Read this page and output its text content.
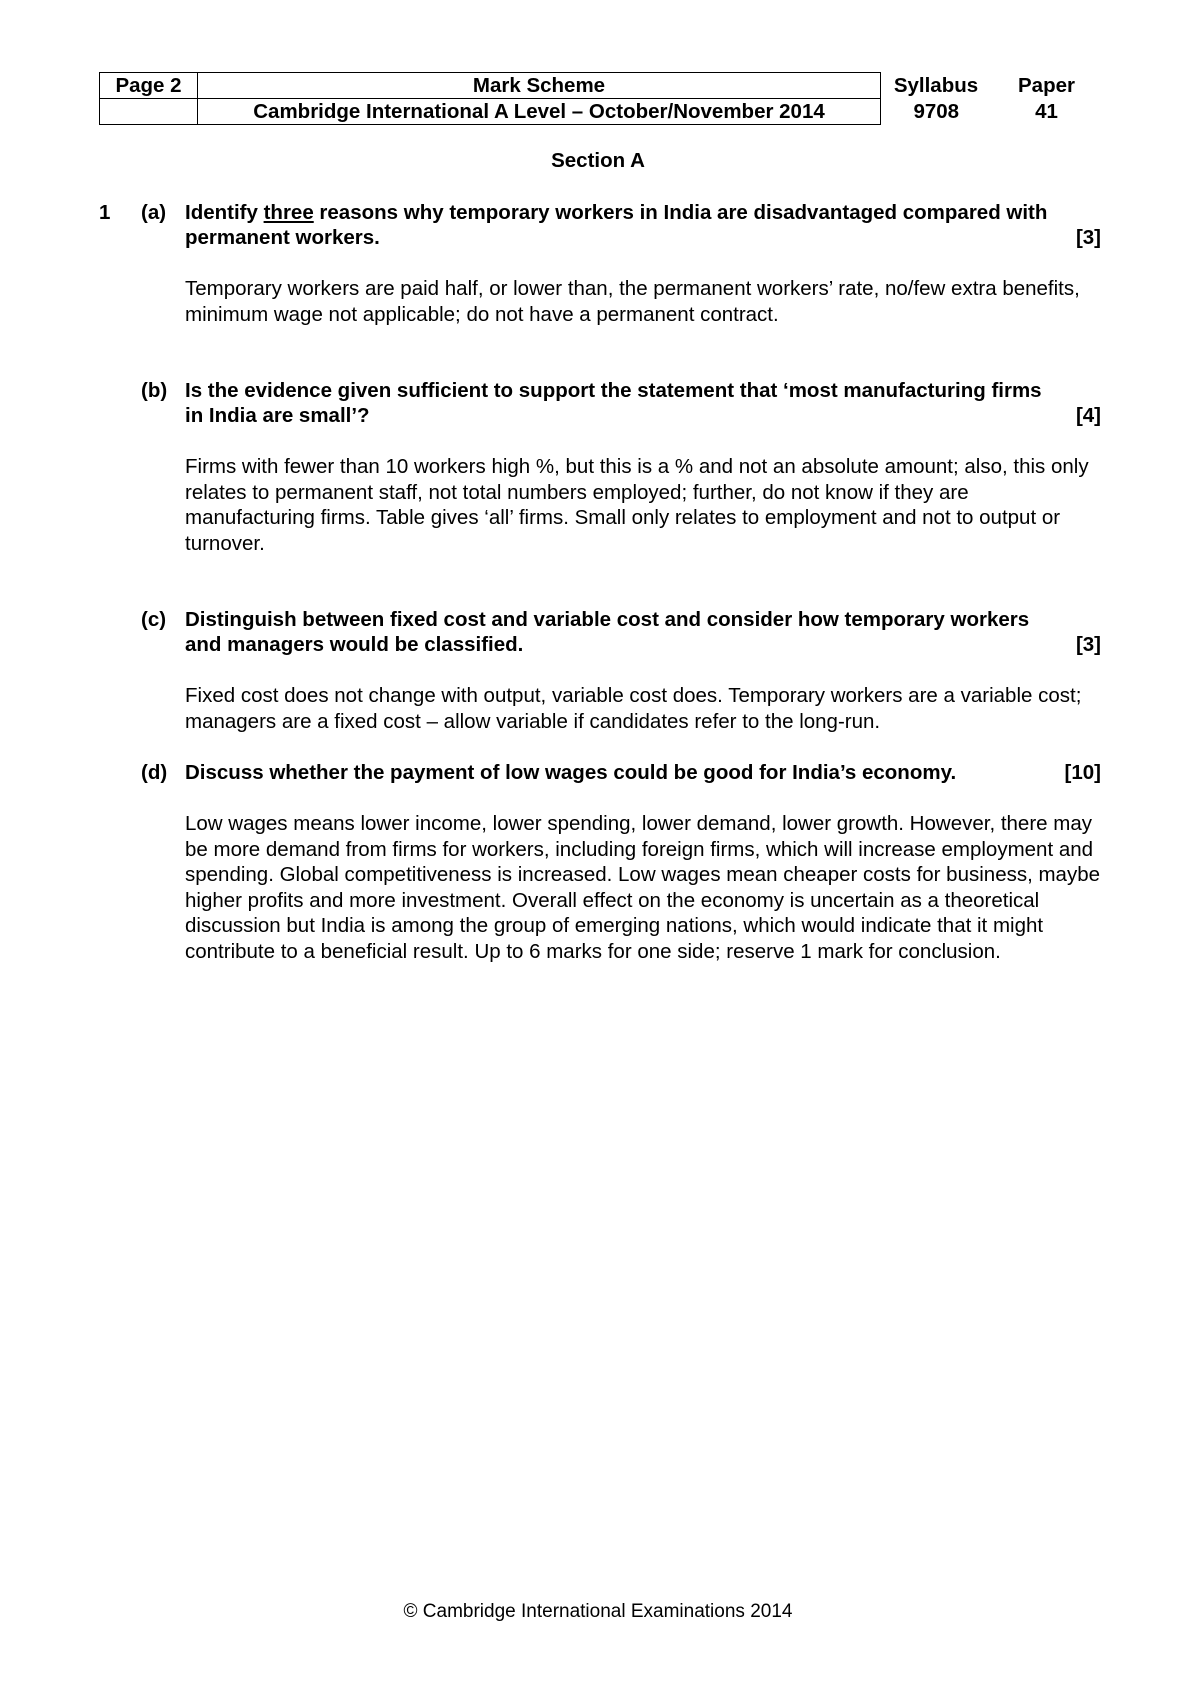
Page 2	Mark Scheme	Syllabus	Paper
	Cambridge International A Level – October/November 2014	9708	41
Section A
1 (a) Identify three reasons why temporary workers in India are disadvantaged compared with permanent workers.	[3]
Temporary workers are paid half, or lower than, the permanent workers’ rate, no/few extra benefits, minimum wage not applicable; do not have a permanent contract.
(b) Is the evidence given sufficient to support the statement that ‘most manufacturing firms in India are small’?	[4]
Firms with fewer than 10 workers high %, but this is a % and not an absolute amount; also, this only relates to permanent staff, not total numbers employed; further, do not know if they are manufacturing firms. Table gives ‘all’ firms. Small only relates to employment and not to output or turnover.
(c) Distinguish between fixed cost and variable cost and consider how temporary workers and managers would be classified.	[3]
Fixed cost does not change with output, variable cost does. Temporary workers are a variable cost; managers are a fixed cost – allow variable if candidates refer to the long-run.
(d) Discuss whether the payment of low wages could be good for India’s economy.	[10]
Low wages means lower income, lower spending, lower demand, lower growth. However, there may be more demand from firms for workers, including foreign firms, which will increase employment and spending. Global competitiveness is increased. Low wages mean cheaper costs for business, maybe higher profits and more investment. Overall effect on the economy is uncertain as a theoretical discussion but India is among the group of emerging nations, which would indicate that it might contribute to a beneficial result. Up to 6 marks for one side; reserve 1 mark for conclusion.
© Cambridge International Examinations 2014
